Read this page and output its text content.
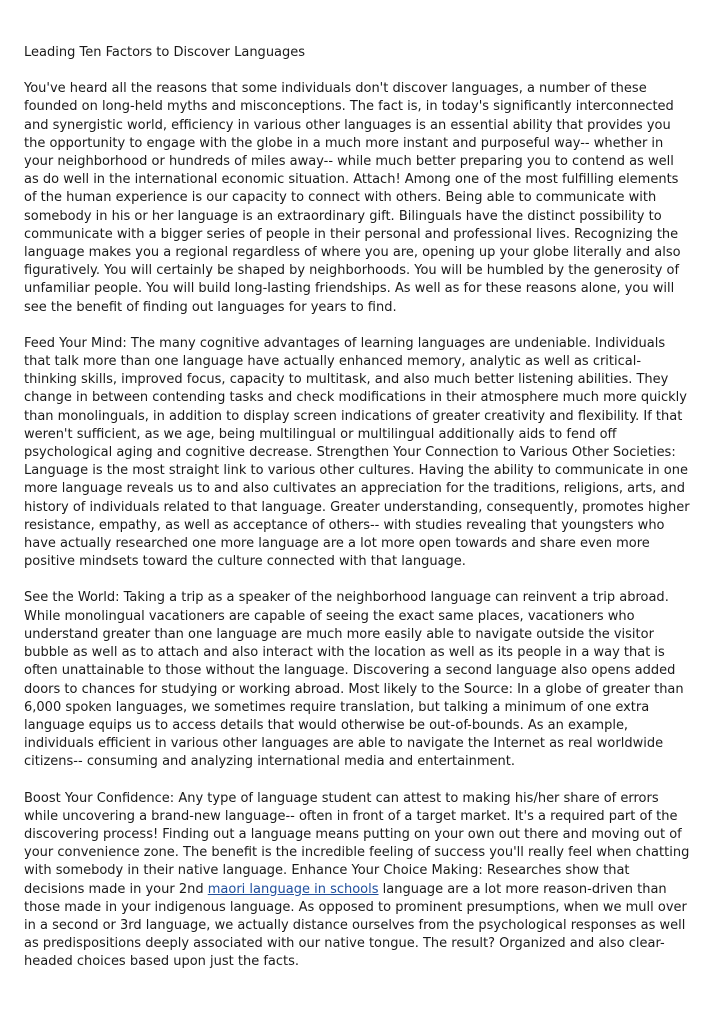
Leading Ten Factors to Discover Languages

You've heard all the reasons that some individuals don't discover languages, a number of these founded on long-held myths and misconceptions. The fact is, in today's significantly interconnected and synergistic world, efficiency in various other languages is an essential ability that provides you the opportunity to engage with the globe in a much more instant and purposeful way-- whether in your neighborhood or hundreds of miles away-- while much better preparing you to contend as well as do well in the international economic situation. Attach! Among one of the most fulfilling elements of the human experience is our capacity to connect with others. Being able to communicate with somebody in his or her language is an extraordinary gift. Bilinguals have the distinct possibility to communicate with a bigger series of people in their personal and professional lives. Recognizing the language makes you a regional regardless of where you are, opening up your globe literally and also figuratively. You will certainly be shaped by neighborhoods. You will be humbled by the generosity of unfamiliar people. You will build long-lasting friendships. As well as for these reasons alone, you will see the benefit of finding out languages for years to find.

Feed Your Mind: The many cognitive advantages of learning languages are undeniable. Individuals that talk more than one language have actually enhanced memory, analytic as well as critical-thinking skills, improved focus, capacity to multitask, and also much better listening abilities. They change in between contending tasks and check modifications in their atmosphere much more quickly than monolinguals, in addition to display screen indications of greater creativity and flexibility. If that weren't sufficient, as we age, being multilingual or multilingual additionally aids to fend off psychological aging and cognitive decrease. Strengthen Your Connection to Various Other Societies: Language is the most straight link to various other cultures. Having the ability to communicate in one more language reveals us to and also cultivates an appreciation for the traditions, religions, arts, and history of individuals related to that language. Greater understanding, consequently, promotes higher resistance, empathy, as well as acceptance of others-- with studies revealing that youngsters who have actually researched one more language are a lot more open towards and share even more positive mindsets toward the culture connected with that language.

See the World: Taking a trip as a speaker of the neighborhood language can reinvent a trip abroad. While monolingual vacationers are capable of seeing the exact same places, vacationers who understand greater than one language are much more easily able to navigate outside the visitor bubble as well as to attach and also interact with the location as well as its people in a way that is often unattainable to those without the language. Discovering a second language also opens added doors to chances for studying or working abroad. Most likely to the Source: In a globe of greater than 6,000 spoken languages, we sometimes require translation, but talking a minimum of one extra language equips us to access details that would otherwise be out-of-bounds. As an example, individuals efficient in various other languages are able to navigate the Internet as real worldwide citizens-- consuming and analyzing international media and entertainment.

Boost Your Confidence: Any type of language student can attest to making his/her share of errors while uncovering a brand-new language-- often in front of a target market. It's a required part of the discovering process! Finding out a language means putting on your own out there and moving out of your convenience zone. The benefit is the incredible feeling of success you'll really feel when chatting with somebody in their native language. Enhance Your Choice Making: Researches show that decisions made in your 2nd maori language in schools language are a lot more reason-driven than those made in your indigenous language. As opposed to prominent presumptions, when we mull over in a second or 3rd language, we actually distance ourselves from the psychological responses as well as predispositions deeply associated with our native tongue. The result? Organized and also clear-headed choices based upon just the facts.
